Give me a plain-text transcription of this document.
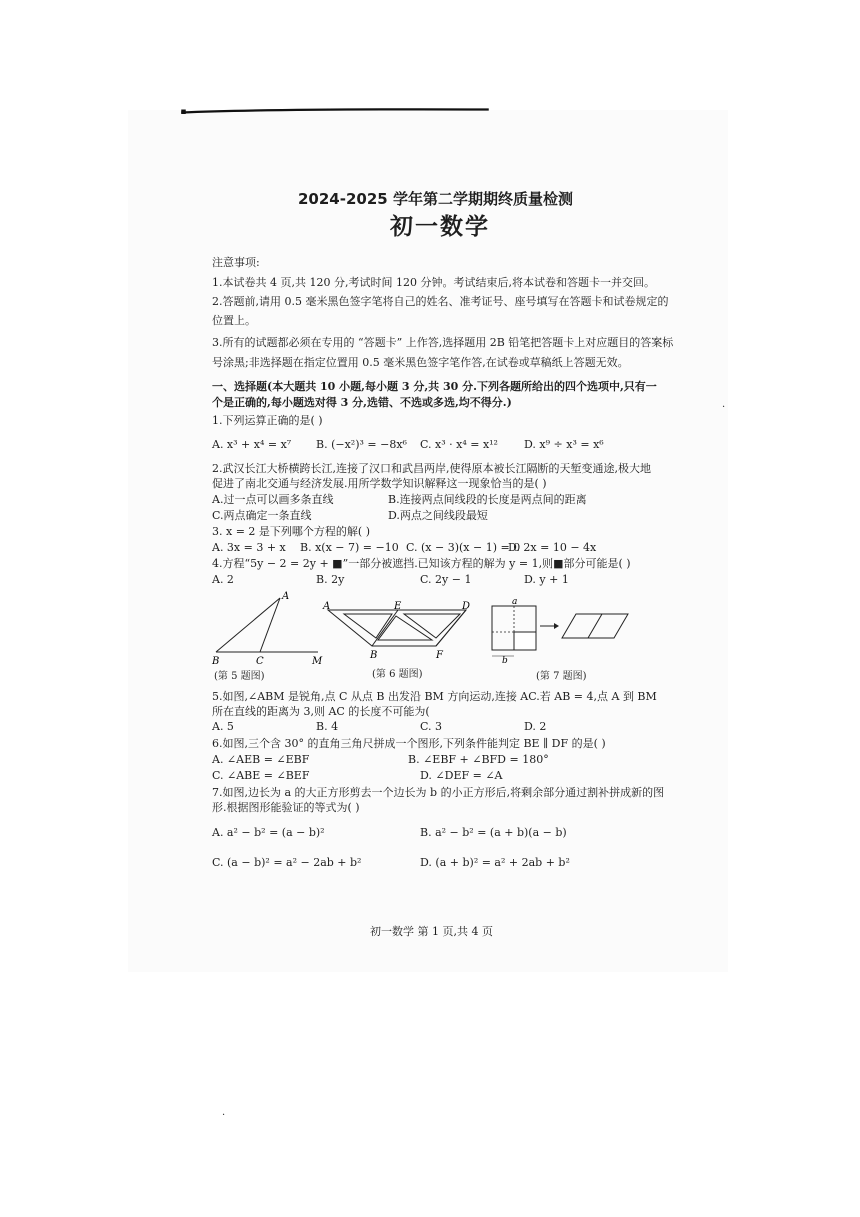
2024-2025 学年第二学期期终质量检测
初一数学
注意事项:
1.本试卷共 4 页,共 120 分,考试时间 120 分钟。考试结束后,将本试卷和答题卡一并交回。
2.答题前,请用 0.5 毫米黑色签字笔将自己的姓名、准考证号、座号填写在答题卡和试卷规定的
位置上。
3.所有的试题都必须在专用的 “答题卡” 上作答,选择题用 2B 铅笔把答题卡上对应题目的答案标
号涂黑;非选择题在指定位置用 0.5 毫米黑色签字笔作答,在试卷或草稿纸上答题无效。
一、选择题(本大题共 10 小题,每小题 3 分,共 30 分.下列各题所给出的四个选项中,只有一
个是正确的,每小题选对得 3 分,选错、不选或多选,均不得分.)
1.下列运算正确的是( )
A. x³ + x⁴ = x⁷ B. (−x²)³ = −8x⁶ C. x³ · x⁴ = x¹² D. x⁹ ÷ x³ = x⁶
2.武汉长江大桥横跨长江,连接了汉口和武昌两岸,使得原本被长江隔断的天堑变通途,极大地
促进了南北交通与经济发展.用所学数学知识解释这一现象恰当的是( )
A.过一点可以画多条直线	B.连接两点间线段的长度是两点间的距离
C.两点确定一条直线	D.两点之间线段最短
3. x = 2 是下列哪个方程的解( )
A. 3x = 3 + x B. x(x − 7) = −10 C. (x − 3)(x − 1) = 0
D. 2x = 10 − 4x
4.方程“5y − 2 = 2y + ■”一部分被遮挡.已知该方程的解为 y = 1,则■部分可能是( )
A. 2	B. 2y	C. 2y − 1	D. y + 1
A
B	C	M
(第 5 题图)
A	E	D
B	F
(第 6 题图)
a
b
(第 7 题图)
5.如图,∠ABM 是锐角,点 C 从点 B 出发沿 BM 方向运动,连接 AC.若 AB = 4,点 A 到 BM
所在直线的距离为 3,则 AC 的长度不可能为(
A. 5	B. 4	C. 3	D. 2
6.如图,三个含 30° 的直角三角尺拼成一个图形,下列条件能判定 BE ∥ DF 的是( )
A. ∠AEB = ∠EBF	B. ∠EBF + ∠BFD = 180°
C. ∠ABE = ∠BEF	D. ∠DEF = ∠A
7.如图,边长为 a 的大正方形剪去一个边长为 b 的小正方形后,将剩余部分通过割补拼成新的图
形.根据图形能验证的等式为( )
A. a² − b² = (a − b)²	B. a² − b² = (a + b)(a − b)
C. (a − b)² = a² − 2ab + b²	D. (a + b)² = a² + 2ab + b²
初一数学 第 1 页,共 4 页
·
·
